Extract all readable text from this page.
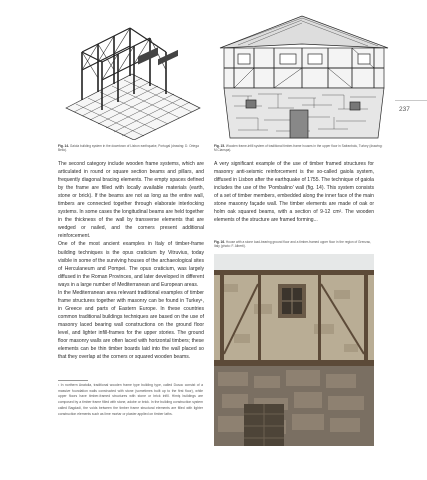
Fig. 14. Gaiola building system in the downtown of Lisbon earthquake, Portugal (drawing: D. Ortega Bello).
Fig. 15. Wooden frame-infill system of traditional timber-frame houses in the upper floor in Safranbolu, Turkey (drawing: M.Cianspa).
237

The second category include wooden frame systems, which are articulated in round or square section beams and pillars, and frequently diagonal bracing elements. The empty spaces defined by the frame are filled with locally available materials (earth, stone or brick). If the beams are not as long as the entire wall, timbers are connected together through elaborate interlocking systems. In some cases the longitudinal beams are held together in the thickness of the wall by transverse elements that are wedged or nailed, and the corners present additional reinforcement.

One of the most ancient examples in Italy of timber-frame building techniques is the opus craticium by Vitruvius, today visible in some of the surviving houses of the archaeological sites of Herculaneum and Pompei. The opus craticium, was largely diffused in the Roman Provinces, and later developed in different ways in a large number of Mediterranean and European areas.

In the Mediterranean area relevant traditional examples of timber frame structures together with masonry can be found in Turkey¹, in Greece and parts of Eastern Europe. In these countries common traditional buildings techniques are based on the use of masonry laced bearing wall constructions on the ground floor level, and lighter infill-frames for the upper stories. The ground floor masonry walls are often laced with horizontal timbers; these elements can be thin timber boards laid into the wall placed so that they overlap at the corners or squared wooden beams.

¹ In northern Anatolia, traditional wooden frame type building type, called Dusoc consist of a massive foundation walls constructed with stone (sometimes built up to the first floor), while upper floors have timber-framed structures with stone or brick infill. Himiş buildings are composed by a timber frame filled with stone, adobe or brick. In the building construction system called Bagdadi, the voids between the timber frame structural elements are filled with lighter construction elements such as lime mortar or plaster applied on timber laths.

A very significant example of the use of timber framed structures for masonry anti-seismic reinforcement is the so-called gaiola system, diffused in Lisbon after the earthquake of 1755. The technique of gaiola includes the use of the 'Pombalino' wall (fig. 14). This system consists of a set of timber members, embedded along the inner face of the main stone masonry façade wall. The timber elements are made of oak or holm oak squared beams, with a section of 9-12 cm². The wooden elements of the structure are framed forming...

Fig. 16. House with a stone load-bearing ground floor and a timber-framed upper floor in the region of Grenzac, Italy (photo: F. Alberti).
